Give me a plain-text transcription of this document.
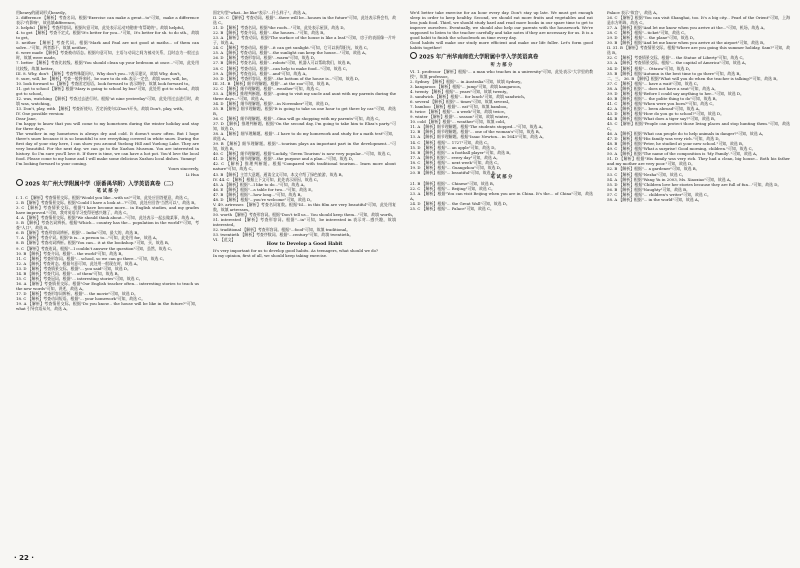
用heavy的副词形式heavily。
2. difference 【解析】考查名词。根据"Exercise can make a great...to"可知，make a difference 表示"有影响"，故选填difference。
3. helpful 【解析】考查形容词。根据句意可知，此处表示运动对健康"有帮助的"。故填 helpful。
4. to get 【解析】考查不定式。根据"It's better for you..."可知，It's better for sb. to do sth.，故填 to get。
5. neither 【解析】考查代词。根据"Mark and Paul are not good at maths... of them can solve..."可知，两者都不，故填 neither。
6. were made 【解析】考查被动语态。根据句意可知，主语与动词之间为被动关系，且时态为一般过去时，故填 were made。
7. better 【解析】考查比较级。根据"You should clean up your bedroom at once..."可知，此处用比较级，故填 better。
III. 8. Why, don't 【解析】考查特殊疑问句。Why don't you...?表示建议，故填 Why, don't。
9. sure, will, be 【解析】考查一般将来时。be sure to do sth.表示一定会，故填 sure, will, be。
10. look forward to 【解析】考查固定短语。look forward to 表示期待，故填 look forward to。
11. got to school 【解析】根据"Mary is going to school by bus"可知，此处用 got to school，故填 got to school。
12. was, watching 【解析】考查过去进行时。根据"at nine yesterday"可知，此处用过去进行时，故填 was, watching。
13. Don't, play, with 【解析】考查祈使句。否定祈使句以Don't开头，故填 Don't, play, with。
IV. One possible version:
Dear Jane,
I'm happy to know that you will come to my hometown during the winter holiday and stay for three days.
The weather in my hometown is always dry and cold. It doesn't snow often. But I hope there's snow because it is so beautiful to see everything covered in white snow. During the first day of your stay here, I can show you around Yuelong Hill and Yuelong Lake. They are very beautiful. For the next day, we can go to the Xuzhou Museum. You are interested in history. So I'm sure you'll love it. If there is time, we can have a hot pot. You'd love the local food. Please come to my home and I will make some delicious Xuzhou local dishes. Yummy!
I'm looking forward to your coming.
Yours sincerely,
Li Hua
2025 年广州大学附属中学（原番禺华附）入学英语真卷（二）
笔 试 部 分
I. 1. C 【解析】考查情景交际。根据"Would you like...with us?"可知，此处应回答愿意，故选 C。
2. B 【解析】考查情景交际。根据"Could I have a look at...?"可知，此处应回答"当然可以"，故选 B。
3. C 【解析】考查情景交际。根据"I have become more... in English studies, and my grades have improved."可知，我对英语学习变得更感兴趣了，故选 C。
4. A 【解析】考查情景交际。根据"We should think about..."可知，此处表示一起去做某事，故选 A。
5. B 【解析】考查名词辨析。根据"Which... country has the... population in the world?"可知，考查"人口"，故选 B。
6. B 【解析】考查形容词辨析。根据"... India"可知，最大的，故选 B。
7. A 【解析】考查介词。根据"It is... a person to..."可知，此处用 for，故选 A。
8. B 【解析】考查动词辨析。根据"You can... it at the bookshop."可知，买，故选 B。
9. C 【解析】考查连词。根据"...I couldn't answer the question"可知，虽然，故选 C。
10. B 【解析】考查介词。根据"... the world"可知，故选 B。
11. C 【解析】考查形容词。根据"... school, so we can go there..."可知，故选 C。
12. A 【解析】考查时态。根据句意可知，此处用一般现在时，故选 A。
13. D 【解析】考查情景交际。根据"... you said"可知，故选 D。
14. B 【解析】考查代词。根据"... of them"可知，故选 B。
15. C 【解析】考查冠词。根据"... interesting stories"可知，故选 C。
16. A 【解析】考查情景交际。根据"Our English teacher often... interesting stories to teach us the new words"可知，讲述，故选 A。
17. D 【解析】考查形容词辨析。根据"... the movie"可知，故选 D。
18. C 【解析】考查动词短语。根据"... your homework"可知，故选 C。
19. A 【解析】考查情景交际。根据"Do you know... the house will be like in the future?"可知，what 引导宾语从句，故选 A。
固定句型"what...be like"表示"...什么样子"，故选 A。
II. 20. C 【解析】考查动词。根据"...there will be...houses in the future"可知，此处表示将会有，故选 C。
21. D 【解析】考查名词。根据"the roofs..."可知，此处表示屋顶，故选 D。
22. B 【解析】考查介词。根据"...the houses..."可知，故选 B。
23. A 【解析】考查动词。根据"The surface of the house is like a leaf."可知，房子的表面像一片叶子，故选 A。
24. C 【解析】考查动词。根据"...it can get sunlight."可知，它可以获得阳光，故选 C。
25. A 【解析】考查动词。根据"...the sunlight can keep the house..."可知，故选 A。
26. D 【解析】考查形容词。根据"...warm"可知，故选 D。
27. B 【解析】考查名词。根据"...robots"可知，机器人可以帮助我们，故选 B。
28. C 【解析】考查动词。根据"...can help to make food..."可知，故选 C。
29. A 【解析】考查连词。根据"...and"可知，故选 A。
30. D 【解析】考查形容词。根据"...the bottom of the house is..."可知，故选 D。
III. 31. B 【解析】细节理解题。根据"...at the zoo"可知，故选 B。
32. C 【解析】细节理解题。根据"...weather"可知，故选 C。
33. A 【解析】推理判断题。根据"...going to visit my uncle and aunt with my parents during the three days..."可知，故选 A。
34. D 【解析】细节理解题。根据"...in November"可知，故选 D。
35. B 【解析】细节理解题。根据"It is going to take us one hour to get there by car."可知，故选 B。
36. C 【解析】细节理解题。根据"...Gina will go shopping with my parents"可知，故选 C。
37. D 【解析】推理判断题。根据"On the second day, I'm going to take him to Eliza's party."可知，故选 D。
38. A 【解析】细节理解题。根据"...I have to do my homework and study for a math test"可知，故选 A。
39. B 【解析】细节理解题。根据"...tourism plays an important part in the development..."可知，故选 B。
40. C 【解析】细节理解题。根据"Luckily, 'Green Tourism' is now very popular..."可知，故选 C。
41. D 【解析】细节理解题。根据"...the purpose and a plan..."可知，故选 D。
42. C 【解析】推理判断题。根据"Compared with traditional tourism... learn more about nature"可知，故选 C。
43. B 【解析】主旨大意题。通读全文可知，本文介绍了绿色旅游，故选 B。
IV. 44. C 【解析】根据上下文可知，此处表示原因，故选 C。
45. A 【解析】根据"...I like to do..."可知，故选 A。
46. E 【解析】根据"...a table for two..."可知，故选 E。
47. B 【解析】根据"...how long..."可知，故选 B。
48. D 【解析】根据"...you're welcome"可知，故选 D。
V. 49. artresses 【解析】考查名词复数。根据"Iil... in this film are very beautiful"可知，此处用复数，故填 artresses。
50. worth 【解析】考查形容词。根据"Don't tell us... You should keep them..."可知，故填 worth。
51. interested 【解析】考查形容词。根据"...in"可知，be interested in 表示对...感兴趣，故填 interested。
52. traditional 【解析】考查形容词。根据"...food"可知，故填 traditional。
53. twentieth 【解析】考查序数词。根据"...century"可知，故填 twentieth。
VI. 【范文】
How to Develop a Good Habit
It's very important for us to develop good habits. As teenagers, what should we do?
In my opinion, first of all, we should keep taking exercise.
We'd better take exercise for an hour every day. Don't stay up late. We must get enough sleep in order to keep healthy. Second, we should eat more fruits and vegetables and eat less junk food. Third, we should study hard and read more books in our spare time to get to improve ourselves. Eventually, we should also help our parents with the housework. We're supposed to listen to the teacher carefully and take notes if they are necessary for us. It is a good habit to finish the schoolwork on time every day.
Good habits will make our study more efficient and make our life fuller. Let's form good habits together!
2025 年广州华南师范大学附属中学入学英语真卷
听 力 部 分
VI. 1. professor 【解析】根据"... a man who teaches in a university"可知，此处表示"大学里的教授"，故填 professor。
2. Sydney 【解析】根据"... in Australia"可知，故填 Sydney。
3. kangaroos 【解析】根据"... jump"可知，故填 kangaroos。
4. twenty 【解析】根据"... years"可知，故填 twenty。
5. sandwich 【解析】根据"... for lunch"可知，故填 sandwich。
6. several 【解析】根据"... times"可知，故填 several。
7. bamboo 【解析】根据"... eat"可知，故填 bamboo。
8. twice 【解析】根据"... a week"可知，故填 twice。
9. winter 【解析】根据"... season"可知，故填 winter。
10. cold 【解析】根据"... weather"可知，故填 cold。
11. A 【解析】细节理解题。根据"The students stopped..."可知，故选 A。
12. B 【解析】细节理解题。根据"... one of the woman's"可知，故选 B。
13. A 【解析】细节理解题。根据"Isaac Newton... in 1643"可知，故选 A。
14. C 【解析】根据"... 1727"可知，故选 C。
15. D 【解析】根据"... an apple"可知，故选 D。
16. B 【解析】根据"... a football player"可知，故选 B。
17. A 【解析】根据"... every day"可知，故选 A。
18. C 【解析】根据"... next week"可知，故选 C。
19. D 【解析】根据"... Guangzhou"可知，故选 D。
20. B 【解析】根据"... beautiful"可知，故选 B。
笔 试 部 分
21. B 【解析】根据"... Chinese"可知，故选 B。
22. C 【解析】根据"... Beijing"可知，故选 C。
23. A 【解析】根据"You can visit Beijing when you are in China. It's the... of China"可知，故选 A。
24. D 【解析】根据"... the Great Wall"可知，故选 D。
25. C 【解析】根据"... Palace"可知，故选 C。
Palace 表示"故宫"，故选 A。
26. C 【解析】根据"You can visit Shanghai, too. It's a big city... Pearl of the Orient"可知，上海是东方明珠，故选 C。
27. A 【解析】根据"And let me know when you arrive at the..."可知，机场，故选 A。
28. C 【解析】根据"...ticket"可知，故选 C。
29. D 【解析】根据"... the plane"可知，故选 D。
30. B 【解析】根据"And let me know when you arrive at the airport"可知，故选 B。
II. 31. B 【解析】考查情景交际。根据"Where are you going this summer holiday, Sam?"可知，故选 B。
32. C 【解析】考查情景交际。根据"... the Statue of Liberty"可知，故选 C。
33. A 【解析】考查情景交际。根据"... the capital of America"可知，故选 A。
34. D 【解析】根据"... Ottawa"可知，故选 D。
35. B 【解析】根据"Autumn is the best time to go there"可知，故选 B。
二、三、 36. B 【解析】根据"What will you do when the teacher is talking?"可知，故选 B。
37. C 【解析】根据"... have a wait"可知，故选 C。
38. A 【解析】根据"... does not have a seat"可知，故选 A。
39. D 【解析】根据"Before I could say anything to her..."可知，故选 D。
40. B 【解析】根据"... the polite thing to do"可知，故选 B。
41. C 【解析】根据"When were you born?"可知，故选 C。
42. A 【解析】根据"... been abroad"可知，故选 A。
43. D 【解析】根据"How do you go to school?"可知，故选 D。
44. B 【解析】根据"What does a tiger say?"可知，故选 B。
45. C 【解析】根据"People can protect those living places and stop hunting them."可知，故选 C。
46. A 【解析】根据"What can people do to help animals in danger?"可知，故选 A。
47. D 【解析】根据"His family was very rich."可知，故选 D。
48. B 【解析】根据"Peter, he studied at your new school."可知，故选 B。
49. C 【解析】根据"What a surprise! Good morning, children."可知，故选 C。
50. A 【解析】根据"The name of the composition is 'My Family'."可知，故选 A。
51. D 【解析】根据"His family was very rich. They had a clean, big house... Both his father and my mother are very poor."可知，故选 D。
52. B 【解析】根据"... a gardener"可知，故选 B。
53. C 【解析】根据"Nezha"可知，故选 C。
54. A 【解析】根据"Wang Yu in 2003, Ms. Xiaoxiao"可知，故选 A。
55. D 【解析】根据"Children love her stories because they are full of fun..."可知，故选 D。
56. B 【解析】根据"Naughty"可知，故选 B。
57. C 【解析】根据"... children's writer"可知，故选 C。
58. A 【解析】根据"... in the world"可知，故选 A。
· 22 ·
